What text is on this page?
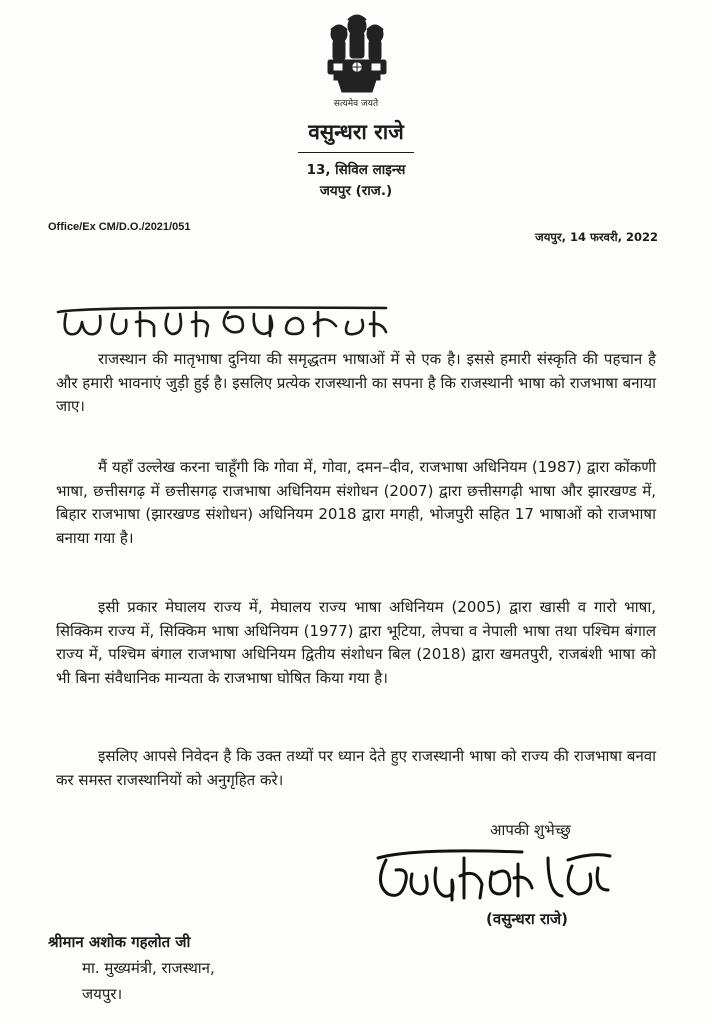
सत्यमेव जयते
वसुन्धरा राजे
13, सिविल लाइन्स
जयपुर (राज.)
Office/Ex CM/D.O./2021/051
जयपुर, 14 फरवरी, 2022

राजस्थान की मातृभाषा दुनिया की समृद्धतम भाषाओं में से एक है। इससे हमारी संस्कृति की पहचान है और हमारी भावनाएं जुड़ी हुई है। इसलिए प्रत्येक राजस्थानी का सपना है कि राजस्थानी भाषा को राजभाषा बनाया जाए।

मैं यहाँ उल्लेख करना चाहूँगी कि गोवा में, गोवा, दमन–दीव, राजभाषा अधिनियम (1987) द्वारा कोंकणी भाषा, छत्तीसगढ़ में छत्तीसगढ़ राजभाषा अधिनियम संशोधन (2007) द्वारा छत्तीसगढ़ी भाषा और झारखण्ड में, बिहार राजभाषा (झारखण्ड संशोधन) अधिनियम 2018 द्वारा मगही, भोजपुरी सहित 17 भाषाओं को राजभाषा बनाया गया है।

इसी प्रकार मेघालय राज्य में, मेघालय राज्य भाषा अधिनियम (2005) द्वारा खासी व गारो भाषा, सिक्किम राज्य में, सिक्किम भाषा अधिनियम (1977) द्वारा भूटिया, लेपचा व नेपाली भाषा तथा पश्चिम बंगाल राज्य में, पश्चिम बंगाल राजभाषा अधिनियम द्वितीय संशोधन बिल (2018) द्वारा खमतपुरी, राजबंशी भाषा को भी बिना संवैधानिक मान्यता के राजभाषा घोषित किया गया है।

इसलिए आपसे निवेदन है कि उक्त तथ्यों पर ध्यान देते हुए राजस्थानी भाषा को राज्य की राजभाषा बनवा कर समस्त राजस्थानियों को अनुगृहित करे।

आपकी शुभेच्छु
(वसुन्धरा राजे)
श्रीमान अशोक गहलोत जी
मा. मुख्यमंत्री, राजस्थान,
जयपुर।
